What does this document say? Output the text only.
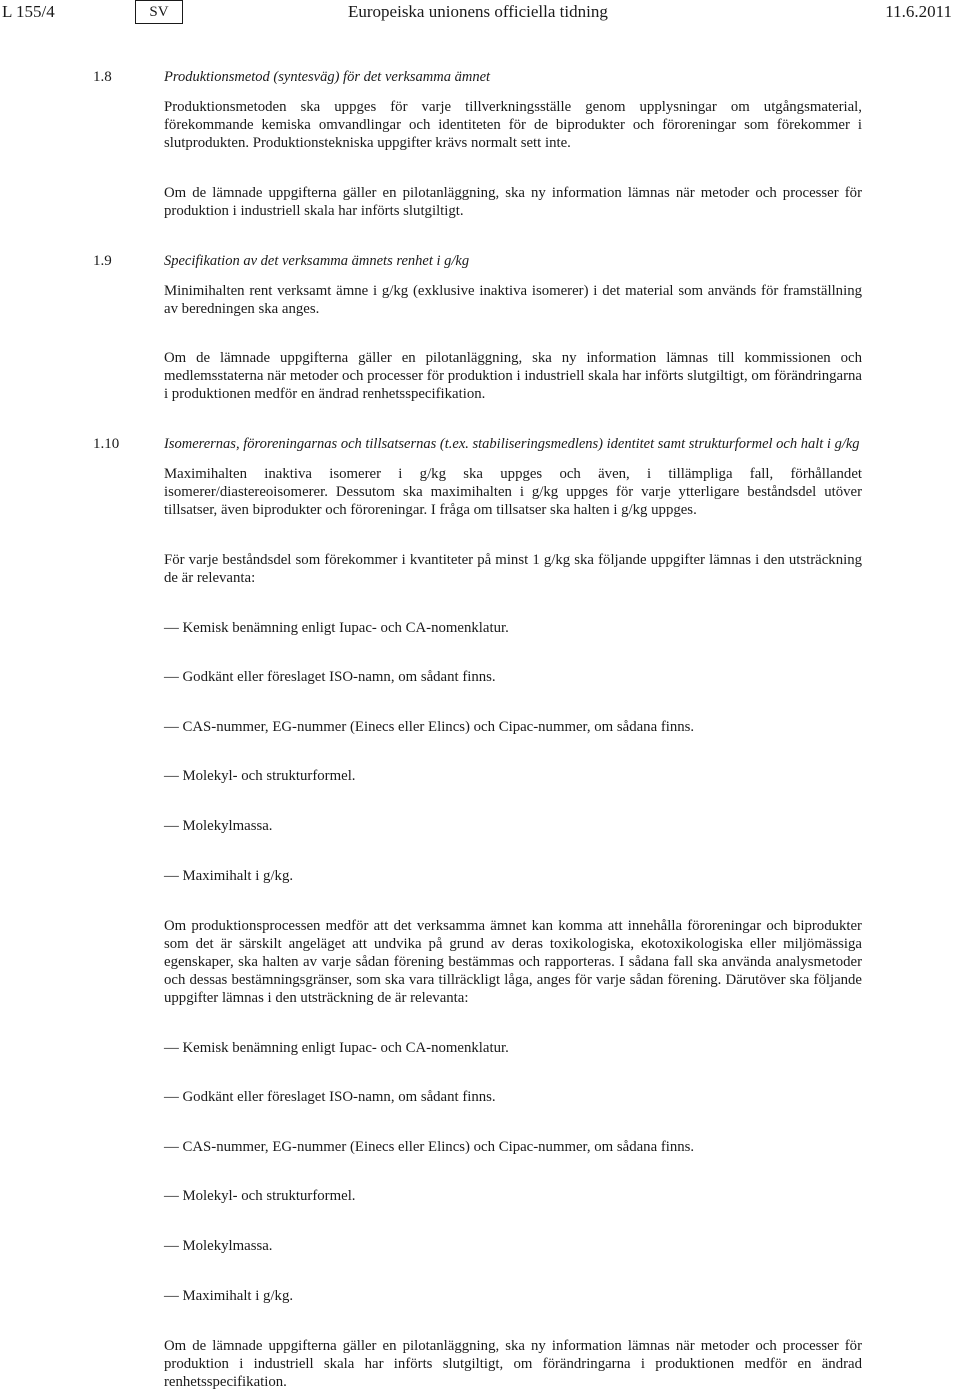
L 155/4	SV	Europeiska unionens officiella tidning	11.6.2011
1.8	Produktionsmetod (syntesväg) för det verksamma ämnet

Produktionsmetoden ska uppges för varje tillverkningsställe genom upplysningar om utgångsmaterial, förekommande kemiska omvandlingar och identiteten för de biprodukter och föroreningar som förekommer i slutprodukten. Produktionstekniska uppgifter krävs normalt sett inte.

Om de lämnade uppgifterna gäller en pilotanläggning, ska ny information lämnas när metoder och processer för produktion i industriell skala har införts slutgiltigt.

1.9	Specifikation av det verksamma ämnets renhet i g/kg

Minimihalten rent verksamt ämne i g/kg (exklusive inaktiva isomerer) i det material som används för framställning av beredningen ska anges.

Om de lämnade uppgifterna gäller en pilotanläggning, ska ny information lämnas till kommissionen och medlemsstaterna när metoder och processer för produktion i industriell skala har införts slutgiltigt, om förändringarna i produktionen medför en ändrad renhetsspecifikation.

1.10	Isomerernas, föroreningarnas och tillsatsernas (t.ex. stabiliseringsmedlens) identitet samt strukturformel och halt i g/kg

Maximihalten inaktiva isomerer i g/kg ska uppges och även, i tillämpliga fall, förhållandet isomerer/diastereoisomerer. Dessutom ska maximihalten i g/kg uppges för varje ytterligare beståndsdel utöver tillsatser, även biprodukter och föroreningar. I fråga om tillsatser ska halten i g/kg uppges.

För varje beståndsdel som förekommer i kvantiteter på minst 1 g/kg ska följande uppgifter lämnas i den utsträckning de är relevanta:

— Kemisk benämning enligt Iupac- och CA-nomenklatur.
— Godkänt eller föreslaget ISO-namn, om sådant finns.
— CAS-nummer, EG-nummer (Einecs eller Elincs) och Cipac-nummer, om sådana finns.
— Molekyl- och strukturformel.
— Molekylmassa.
— Maximihalt i g/kg.

Om produktionsprocessen medför att det verksamma ämnet kan komma att innehålla föroreningar och biprodukter som det är särskilt angeläget att undvika på grund av deras toxikologiska, ekotoxikologiska eller miljömässiga egenskaper, ska halten av varje sådan förening bestämmas och rapporteras. I sådana fall ska använda analysmetoder och dessas bestämningsgränser, som ska vara tillräckligt låga, anges för varje sådan förening. Därutöver ska följande uppgifter lämnas i den utsträckning de är relevanta:

— Kemisk benämning enligt Iupac- och CA-nomenklatur.
— Godkänt eller föreslaget ISO-namn, om sådant finns.
— CAS-nummer, EG-nummer (Einecs eller Elincs) och Cipac-nummer, om sådana finns.
— Molekyl- och strukturformel.
— Molekylmassa.
— Maximihalt i g/kg.

Om de lämnade uppgifterna gäller en pilotanläggning, ska ny information lämnas när metoder och processer för produktion i industriell skala har införts slutgiltigt, om förändringarna i produktionen medför en ändrad renhetsspecifikation.
